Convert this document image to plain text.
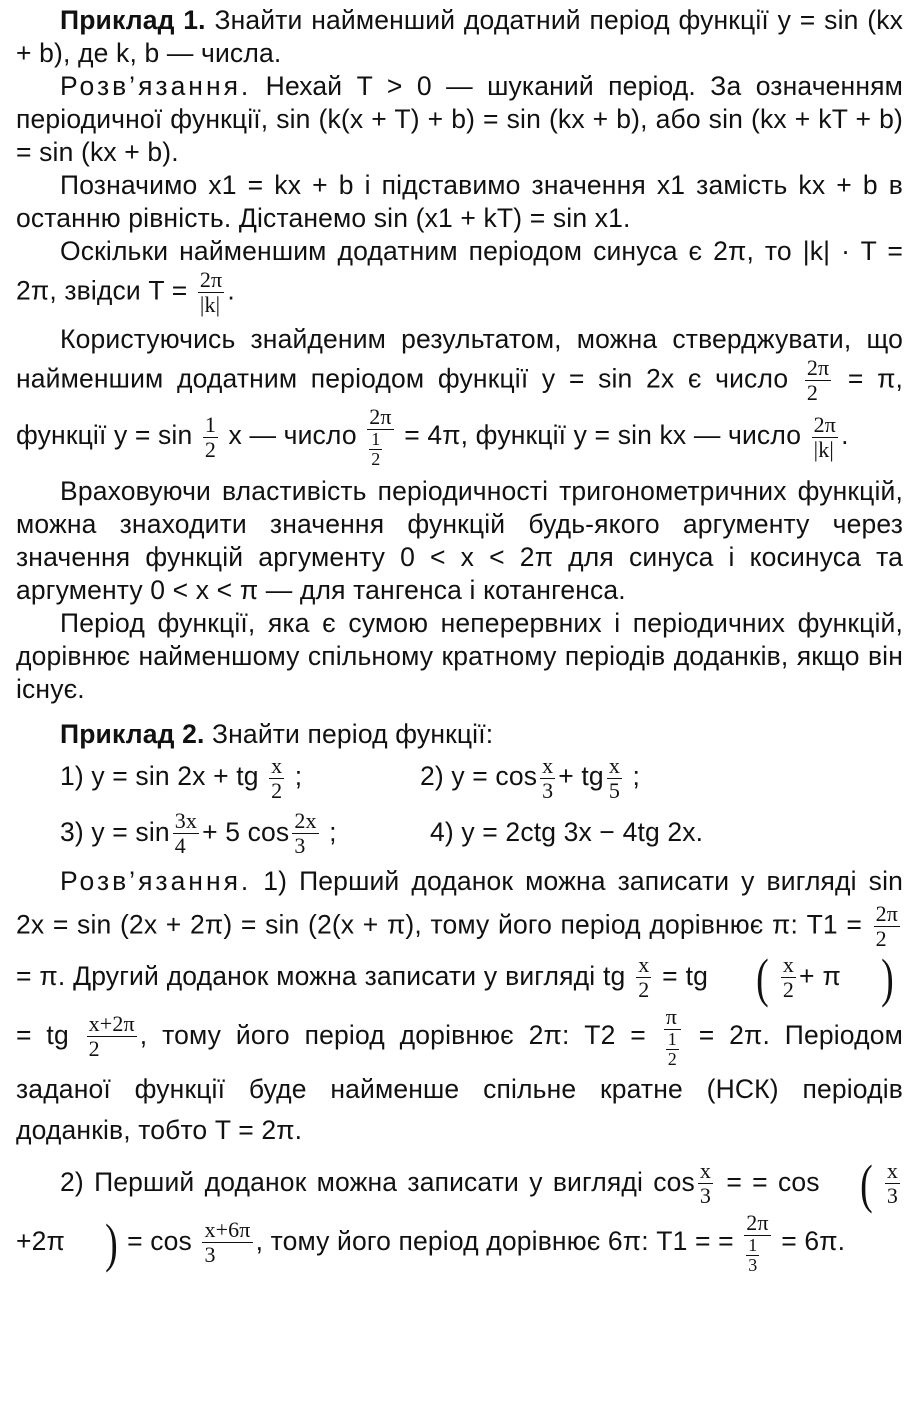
Приклад 1. Знайти найменший додатний період функції y = sin (kx + b), де k, b — числа.

Розв’язання. Нехай T > 0 — шуканий період. За означенням періодичної функції, sin (k(x + T) + b) = sin (kx + b), або sin (kx + kT + b) = sin (kx + b).

Позначимо x1 = kx + b і підставимо значення x1 замість kx + b в останню рівність. Дістанемо sin (x1 + kT) = sin x1.

Оскільки найменшим додатним періодом синуса є 2π, то |k| · T = 2π, звідси $T = \frac{2\pi}{|k|}$ .

Користуючись знайденим результатом, можна стверджувати, що найменшим додатним періодом функції y = sin 2x є число $\frac{2\pi}{2} = \pi$, функції $y = \sin \frac{1}{2}$ x — число $\frac{2\pi}{\frac{1}{2}} = 4\pi$, функції y = sin kx — число $\frac{2\pi}{|k|}$ .

Враховуючи властивість періодичності тригонометричних функцій, можна знаходити значення функцій будь-якого аргументу через значення функцій аргументу 0 < x < 2π для синуса і косинуса та аргументу 0 < x < π — для тангенса і котангенса.

Період функції, яка є сумою неперервних і періодичних функцій, дорівнює найменшому спільному кратному періодів доданків, якщо він існує.

Приклад 2. Знайти період функції:

1) y = sin 2x + tg $\frac{x}{2}$ ;	2) $y = \cos \frac{x}{3}$ + tg $\frac{x}{5}$ ;

3) $y = \sin \frac{3x}{4} + 5$ $\cos \frac{2x}{3}$ ;	4) y = 2ctg 3x − 4tg 2x.

Розв’язання. 1) Перший доданок можна записати у вигляді sin 2x = sin (2x + 2π) = sin (2(x + π), тому його період дорівнює π: $T1 = \frac{2\pi}{2}$
= π. Другий доданок можна записати у вигляді tg $\frac{x}{2}$ = tg ( $\frac{x}{2} + \pi$ ) = tg $\frac{x+2\pi}{2}$ , тому його період дорівнює 2π: $T2 = \frac{\pi}{\frac{1}{2}} = 2\pi$. Періодом заданої функції буде найменше спільне кратне (НСК) періодів доданків, тобто T = 2π.

2) Перший доданок можна записати у вигляді $\cos \frac{x}{3}$ = = cos ( $\frac{x}{3}$
+2π ) = $\cos \frac{x+6\pi}{3}$ , тому його період дорівнює 6π: T1 = = $\frac{2\pi}{\frac{1}{3}} = 6\pi$.
